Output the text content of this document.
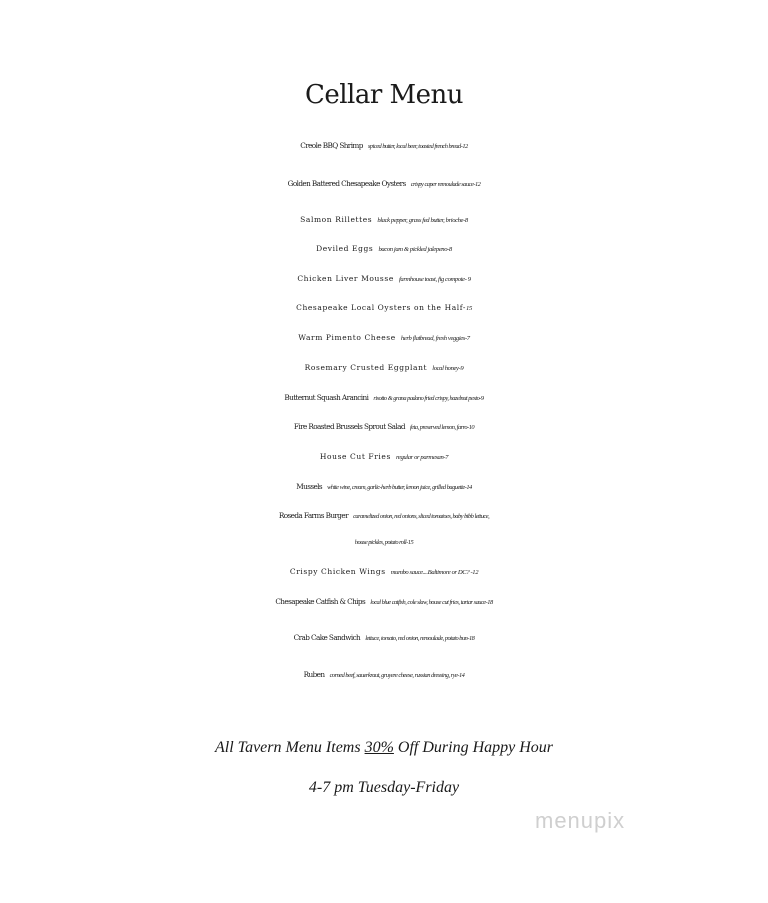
Cellar Menu
Creole BBQ Shrimp spiced butter, local beer, toasted french bread-12
Golden Battered Chesapeake Oysters crispy caper remoulade sauce-12
Salmon Rillettes black pepper, grass fed butter, brioche-8
Deviled Eggs bacon jam & pickled jalepeno-8
Chicken Liver Mousse farmhouse toast, fig compote- 9
Chesapeake Local Oysters on the Half-15
Warm Pimento Cheese herb flatbread, fresh veggies-7
Rosemary Crusted Eggplant local honey-9
Butternut Squash Arancini risotto & grana padano fried crispy, hazelnut pesto-9
Fire Roasted Brussels Sprout Salad feta, preserved lemon, farro-10
House Cut Fries regular or parmesan-7
Mussels white wine, cream, garlic-herb butter, lemon juice, grilled baguette-14
Roseda Farms Burger caramelized onion, red onions, sliced tomatoes, baby bibb lettuce,
house pickles, potato roll-15
Crispy Chicken Wings mumbo sauce....Baltimore or DC? -12
Chesapeake Catfish & Chips local blue catfish, cole slaw, house cut fries, tartar sauce-18
Crab Cake Sandwich lettuce, tomato, red onion, remoulade, potato bun-18
Ruben corned beef, sauerkraut, gruyere cheese, russian dressing, rye-14
All Tavern Menu Items 30% Off During Happy Hour
4-7 pm Tuesday-Friday
menupix
